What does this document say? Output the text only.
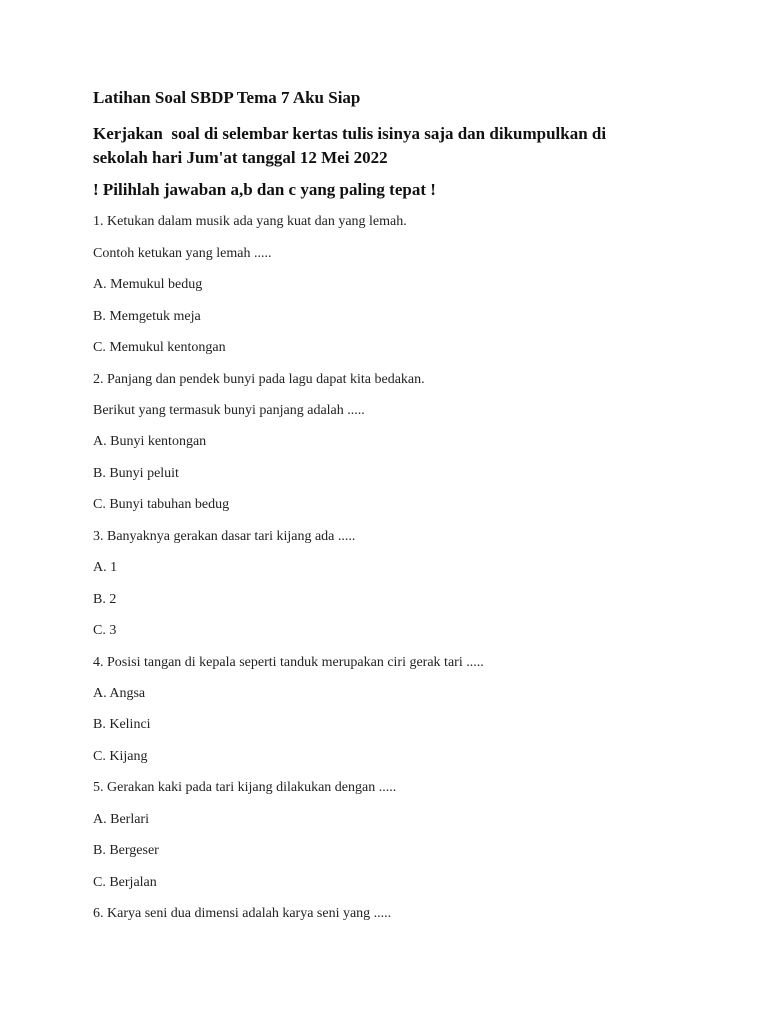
Latihan Soal SBDP Tema 7 Aku Siap
Kerjakan  soal di selembar kertas tulis isinya saja dan dikumpulkan di
sekolah hari Jum'at tanggal 12 Mei 2022
! Pilihlah jawaban a,b dan c yang paling tepat !
1. Ketukan dalam musik ada yang kuat dan yang lemah.
Contoh ketukan yang lemah .....
A. Memukul bedug
B. Memgetuk meja
C. Memukul kentongan
2. Panjang dan pendek bunyi pada lagu dapat kita bedakan.
Berikut yang termasuk bunyi panjang adalah .....
A. Bunyi kentongan
B. Bunyi peluit
C. Bunyi tabuhan bedug
3. Banyaknya gerakan dasar tari kijang ada .....
A. 1
B. 2
C. 3
4. Posisi tangan di kepala seperti tanduk merupakan ciri gerak tari .....
A. Angsa
B. Kelinci
C. Kijang
5. Gerakan kaki pada tari kijang dilakukan dengan .....
A. Berlari
B. Bergeser
C. Berjalan
6. Karya seni dua dimensi adalah karya seni yang .....
